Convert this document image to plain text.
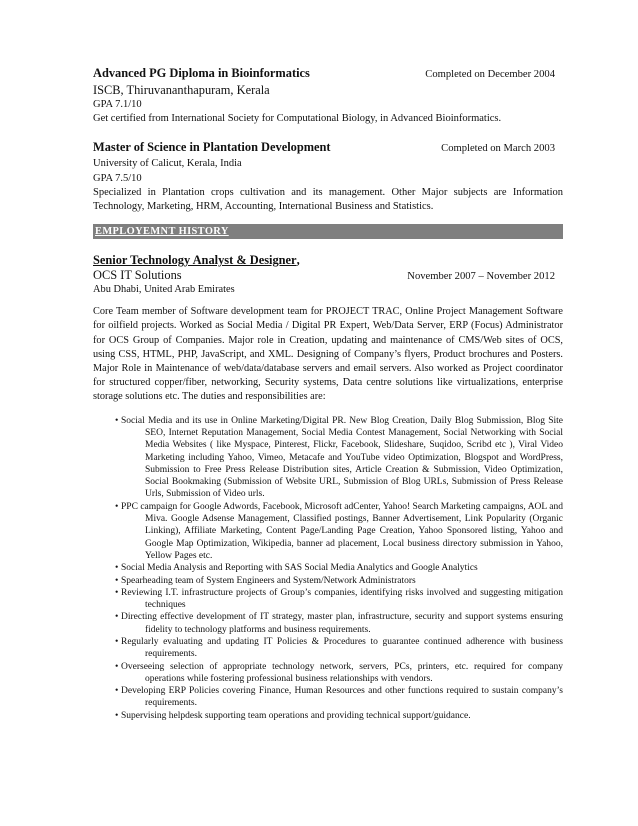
Advanced PG Diploma in Bioinformatics	Completed on December 2004
ISCB, Thiruvananthapuram, Kerala
GPA 7.1/10
Get certified from International Society for Computational Biology, in Advanced Bioinformatics.
Master of Science in Plantation Development	Completed on March 2003
University of Calicut, Kerala, India
GPA 7.5/10
Specialized in Plantation crops cultivation and its management. Other Major subjects are Information Technology, Marketing, HRM, Accounting, International Business and Statistics.
EMPLOYEMNT HISTORY
Senior Technology Analyst & Designer,
OCS IT Solutions	November 2007 – November 2012
Abu Dhabi, United Arab Emirates
Core Team member of Software development team for PROJECT TRAC, Online Project Management Software for oilfield projects. Worked as Social Media / Digital PR Expert, Web/Data Server, ERP (Focus) Administrator for OCS Group of Companies. Major role in Creation, updating and maintenance of CMS/Web sites of OCS, using CSS, HTML, PHP, JavaScript, and XML. Designing of Company’s flyers, Product brochures and Posters. Major Role in Maintenance of web/data/database servers and email servers. Also worked as Project coordinator for structured copper/fiber, networking, Security systems, Data centre solutions like virtualizations, enterprise storage solutions etc. The duties and responsibilities are:
• Social Media and its use in Online Marketing/Digital PR. New Blog Creation, Daily Blog Submission, Blog Site SEO, Internet Reputation Management, Social Media Contest Management, Social Networking with Social Media Websites ( like Myspace, Pinterest, Flickr, Facebook, Slideshare, Suqidoo, Scribd etc ), Viral Video Marketing including Yahoo, Vimeo, Metacafe and YouTube video Optimization, Blogspot and WordPress, Submission to Free Press Release Distribution sites, Article Creation & Submission, Video Optimization, Social Bookmaking (Submission of Website URL, Submission of Blog URLs, Submission of Press Release Urls, Submission of Video urls.
• PPC campaign for Google Adwords, Facebook, Microsoft adCenter, Yahoo! Search Marketing campaigns, AOL and Miva. Google Adsense Management, Classified postings, Banner Advertisement, Link Popularity (Organic Linking), Affiliate Marketing, Content Page/Landing Page Creation, Yahoo Sponsored listing, Yahoo and Google Map Optimization, Wikipedia, banner ad placement, Local business directory submission in Yahoo, Yellow Pages etc.
• Social Media Analysis and Reporting with SAS Social Media Analytics and Google Analytics
• Spearheading team of System Engineers and System/Network Administrators
• Reviewing I.T. infrastructure projects of Group’s companies, identifying risks involved and suggesting mitigation techniques
• Directing effective development of IT strategy, master plan, infrastructure, security and support systems ensuring fidelity to technology platforms and business requirements.
• Regularly evaluating and updating IT Policies & Procedures to guarantee continued adherence with business requirements.
• Overseeing selection of appropriate technology network, servers, PCs, printers, etc. required for company operations while fostering professional business relationships with vendors.
• Developing ERP Policies covering Finance, Human Resources and other functions required to sustain company’s requirements.
• Supervising helpdesk supporting team operations and providing technical support/guidance.
